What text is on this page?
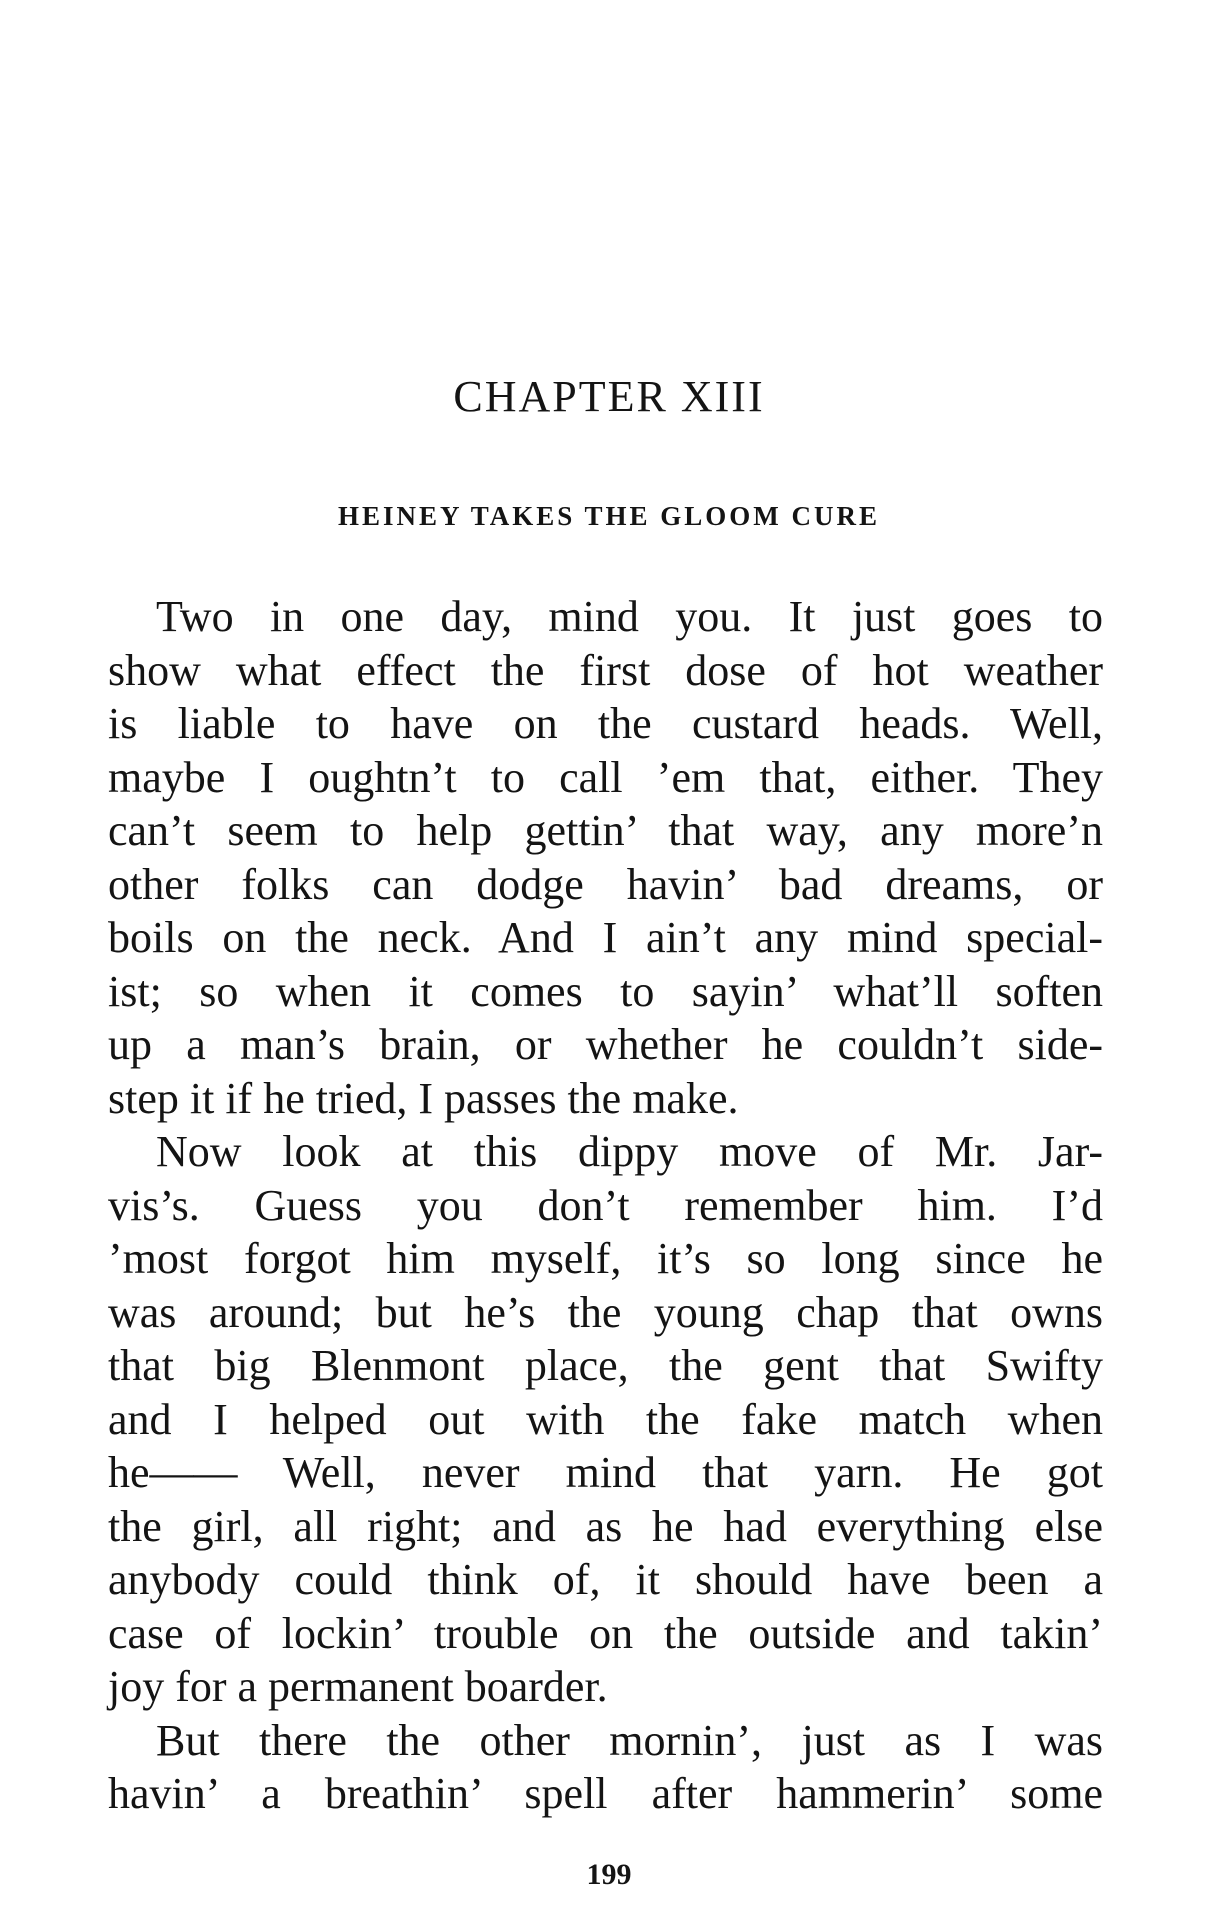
CHAPTER XIII
HEINEY TAKES THE GLOOM CURE
Two in one day, mind you. It just goes to
show what effect the first dose of hot weather
is liable to have on the custard heads. Well,
maybe I oughtn’t to call ’em that, either. They
can’t seem to help gettin’ that way, any more’n
other folks can dodge havin’ bad dreams, or
boils on the neck. And I ain’t any mind special-
ist; so when it comes to sayin’ what’ll soften
up a man’s brain, or whether he couldn’t side-
step it if he tried, I passes the make.
Now look at this dippy move of Mr. Jar-
vis’s. Guess you don’t remember him. I’d
’most forgot him myself, it’s so long since he
was around; but he’s the young chap that owns
that big Blenmont place, the gent that Swifty
and I helped out with the fake match when
he—— Well, never mind that yarn. He got
the girl, all right; and as he had everything else
anybody could think of, it should have been a
case of lockin’ trouble on the outside and takin’
joy for a permanent boarder.
But there the other mornin’, just as I was
havin’ a breathin’ spell after hammerin’ some
199
